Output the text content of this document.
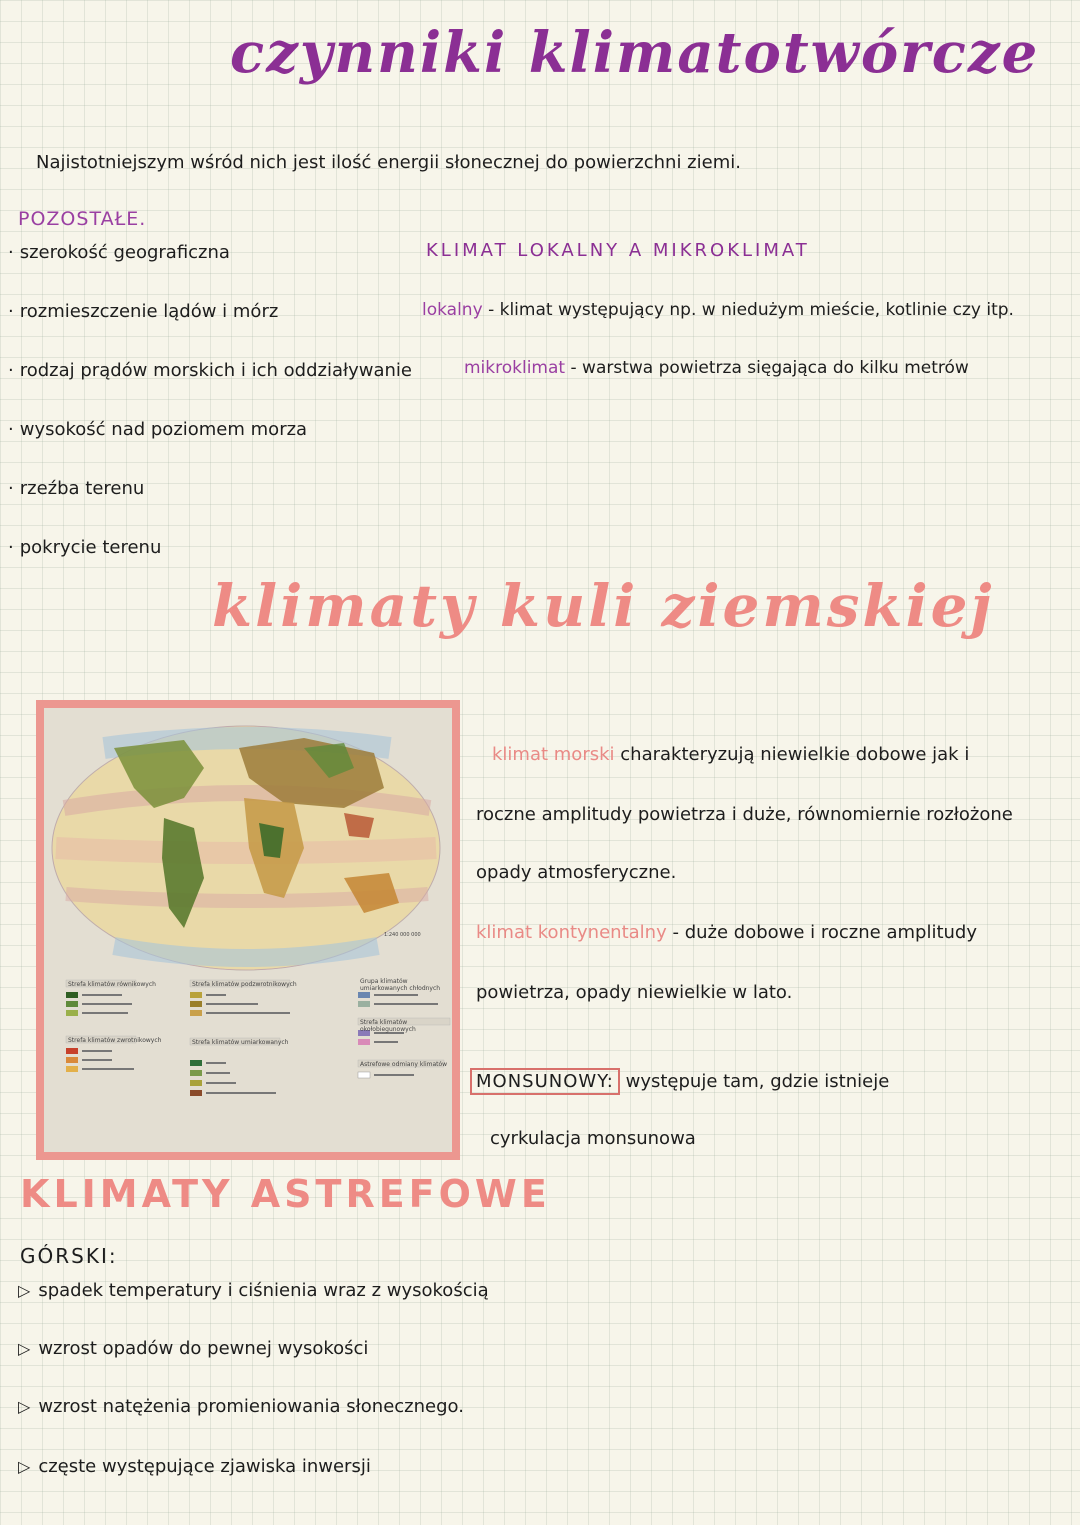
czynniki klimatotwórcze

Najistotniejszym wśród nich jest ilość energii słonecznej do powierzchni ziemi.

POZOSTAŁE.

· szerokość geograficzna
· rozmieszczenie lądów i mórz
· rodzaj prądów morskich i ich oddziaływanie
· wysokość nad poziomem morza
· rzeźba terenu
· pokrycie terenu

KLIMAT LOKALNY A MIKROKLIMAT

lokalny - klimat występujący np. w niedużym mieście, kotlinie czy itp.

mikroklimat - warstwa powietrza sięgająca do kilku metrów

klimaty kuli ziemskiej
1:240 000 000
Strefa klimatów równikowych	Strefa klimatów podzwrotnikowych	Grupa klimatów umiarkowanych chłodnych
Strefa klimatów zwrotnikowych	Strefa klimatów umiarkowanych
Strefa klimatów okołobiegunowych
Astrefowe odmiany klimatów

klimat morski charakteryzują niewielkie dobowe jak i

roczne amplitudy powietrza i duże, równomiernie rozłożone

opady atmosferyczne.

klimat kontynentalny - duże dobowe i roczne amplitudy

powietrza, opady niewielkie w lato.

MONSUNOWY: występuje tam, gdzie istnieje

cyrkulacja monsunowa

KLIMATY ASTREFOWE

GÓRSKI:

▷ spadek temperatury i ciśnienia wraz z wysokością

▷ wzrost opadów do pewnej wysokości

▷ wzrost natężenia promieniowania słonecznego.

▷ częste występujące zjawiska inwersji
